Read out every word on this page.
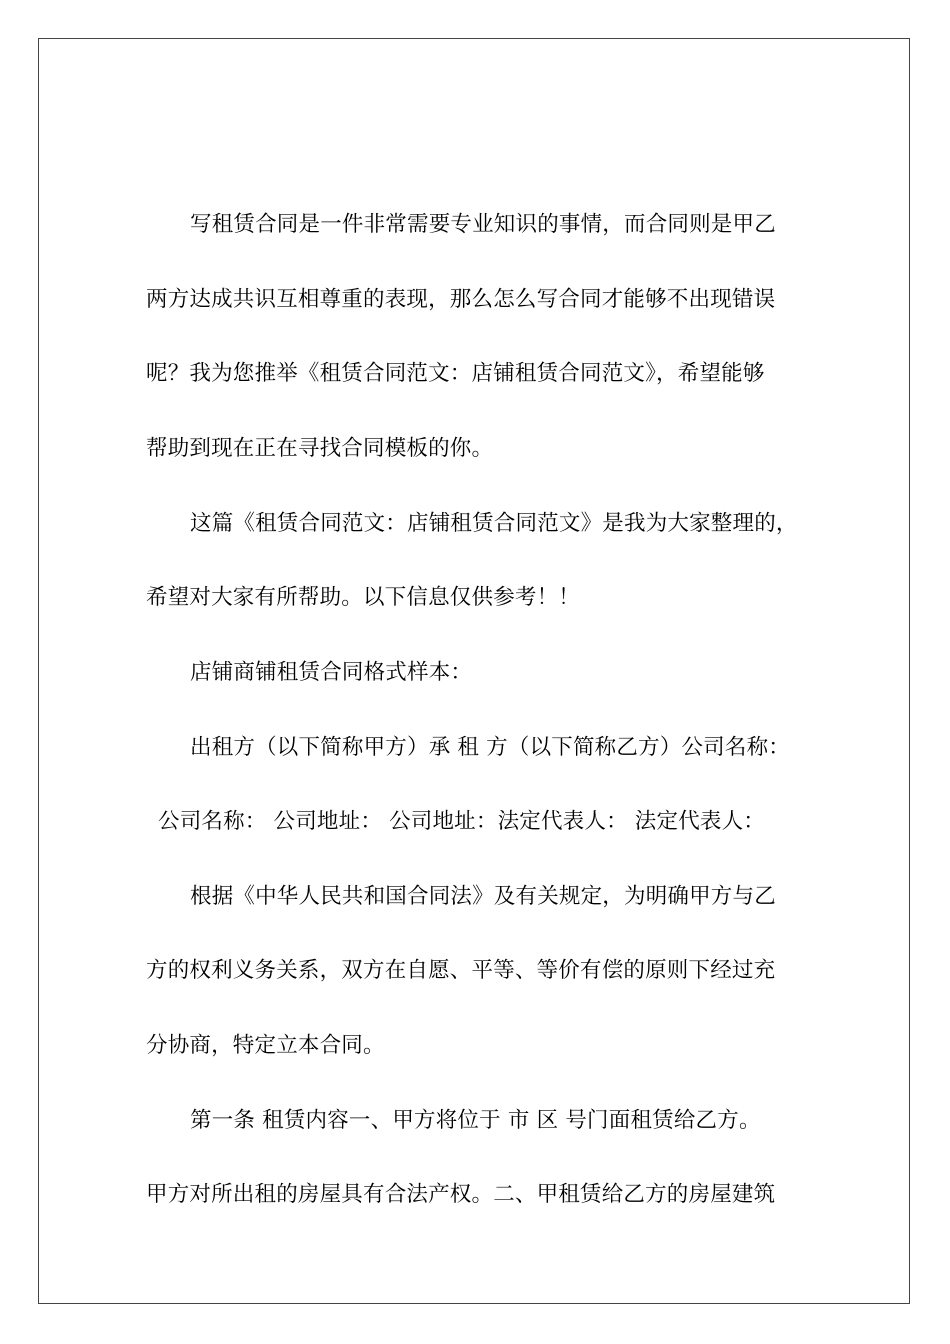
写租赁合同是一件非常需要专业知识的事情，而合同则是甲乙
两方达成共识互相尊重的表现，那么怎么写合同才能够不出现错误
呢？我为您推举《租赁合同范文：店铺租赁合同范文》，希望能够
帮助到现在正在寻找合同模板的你。
这篇《租赁合同范文：店铺租赁合同范文》是我为大家整理的，
希望对大家有所帮助。以下信息仅供参考！！
店铺商铺租赁合同格式样本：
出租方（以下简称甲方）承 租 方（以下简称乙方）公司名称：
公司名称： 公司地址： 公司地址：法定代表人： 法定代表人：
根据《中华人民共和国合同法》及有关规定，为明确甲方与乙
方的权利义务关系，双方在自愿、平等、等价有偿的原则下经过充
分协商，特定立本合同。
第一条 租赁内容一、甲方将位于 市 区 号门面租赁给乙方。
甲方对所出租的房屋具有合法产权。二、甲租赁给乙方的房屋建筑
